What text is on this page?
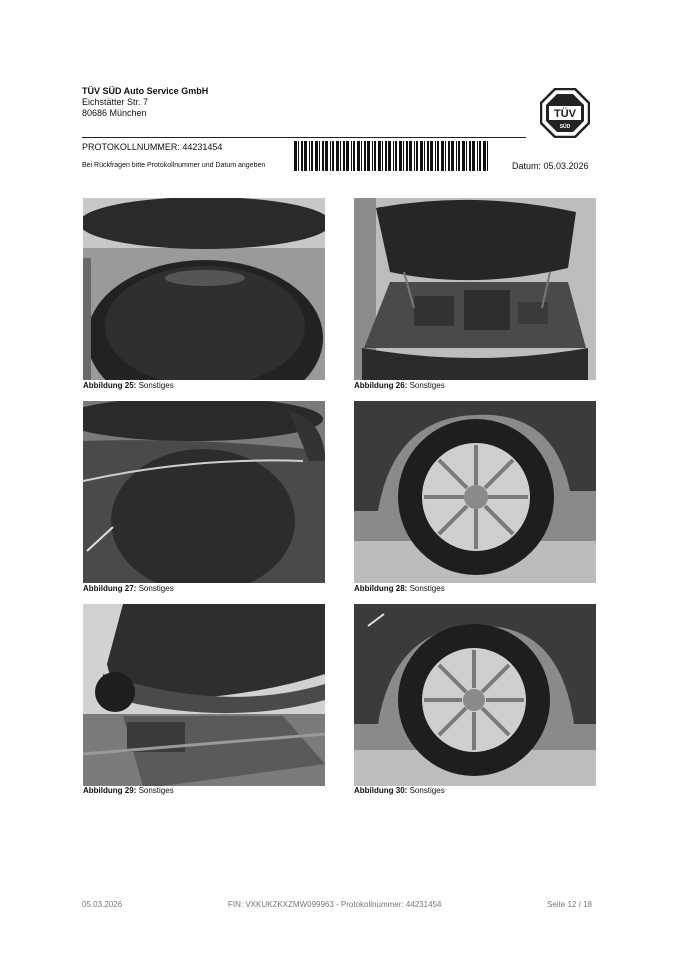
TÜV SÜD Auto Service GmbH
Eichstätter Str. 7
80686 München	TÜV
SÜD
PROTOKOLLNUMMER: 44231454
Bei Rückfragen bitte Protokollnummer und Datum angeben	Datum: 05.03.2026
Abbildung 25: Sonstiges	Abbildung 26: Sonstiges
Abbildung 27: Sonstiges	Abbildung 28: Sonstiges
Abbildung 29: Sonstiges	Abbildung 30: Sonstiges
05.03.2026	FIN: VXKUKZKXZMW099963 - Protokollnummer: 44231454	Seite 12 / 18
